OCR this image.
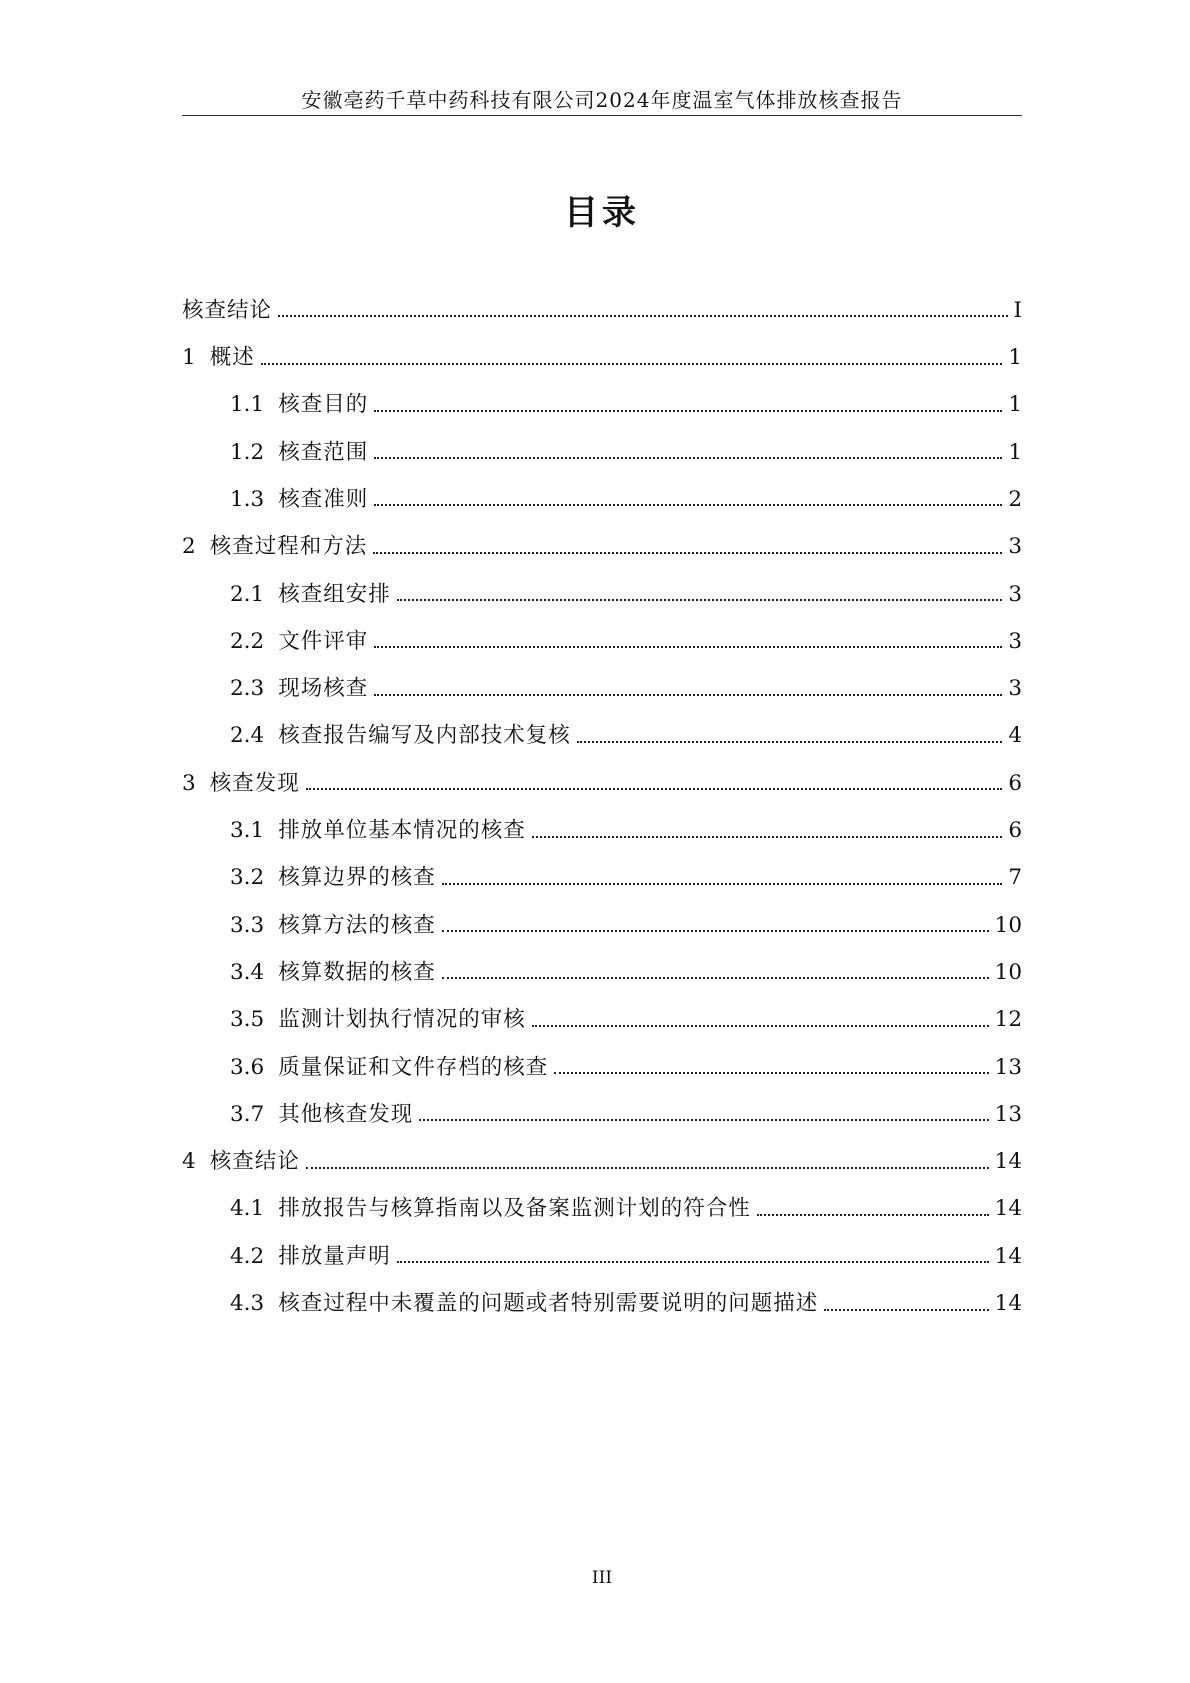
安徽亳药千草中药科技有限公司2024年度温室气体排放核查报告
目录
核查结论	I
1 概述	1
1.1 核查目的	1
1.2 核查范围	1
1.3 核查准则	2
2 核查过程和方法	3
2.1 核查组安排	3
2.2 文件评审	3
2.3 现场核查	3
2.4 核查报告编写及内部技术复核	4
3 核查发现	6
3.1 排放单位基本情况的核查	6
3.2 核算边界的核查	7
3.3 核算方法的核查	10
3.4 核算数据的核查	10
3.5 监测计划执行情况的审核	12
3.6 质量保证和文件存档的核查	13
3.7 其他核查发现	13
4 核查结论	14
4.1 排放报告与核算指南以及备案监测计划的符合性	14
4.2 排放量声明	14
4.3 核查过程中未覆盖的问题或者特别需要说明的问题描述	14
III
